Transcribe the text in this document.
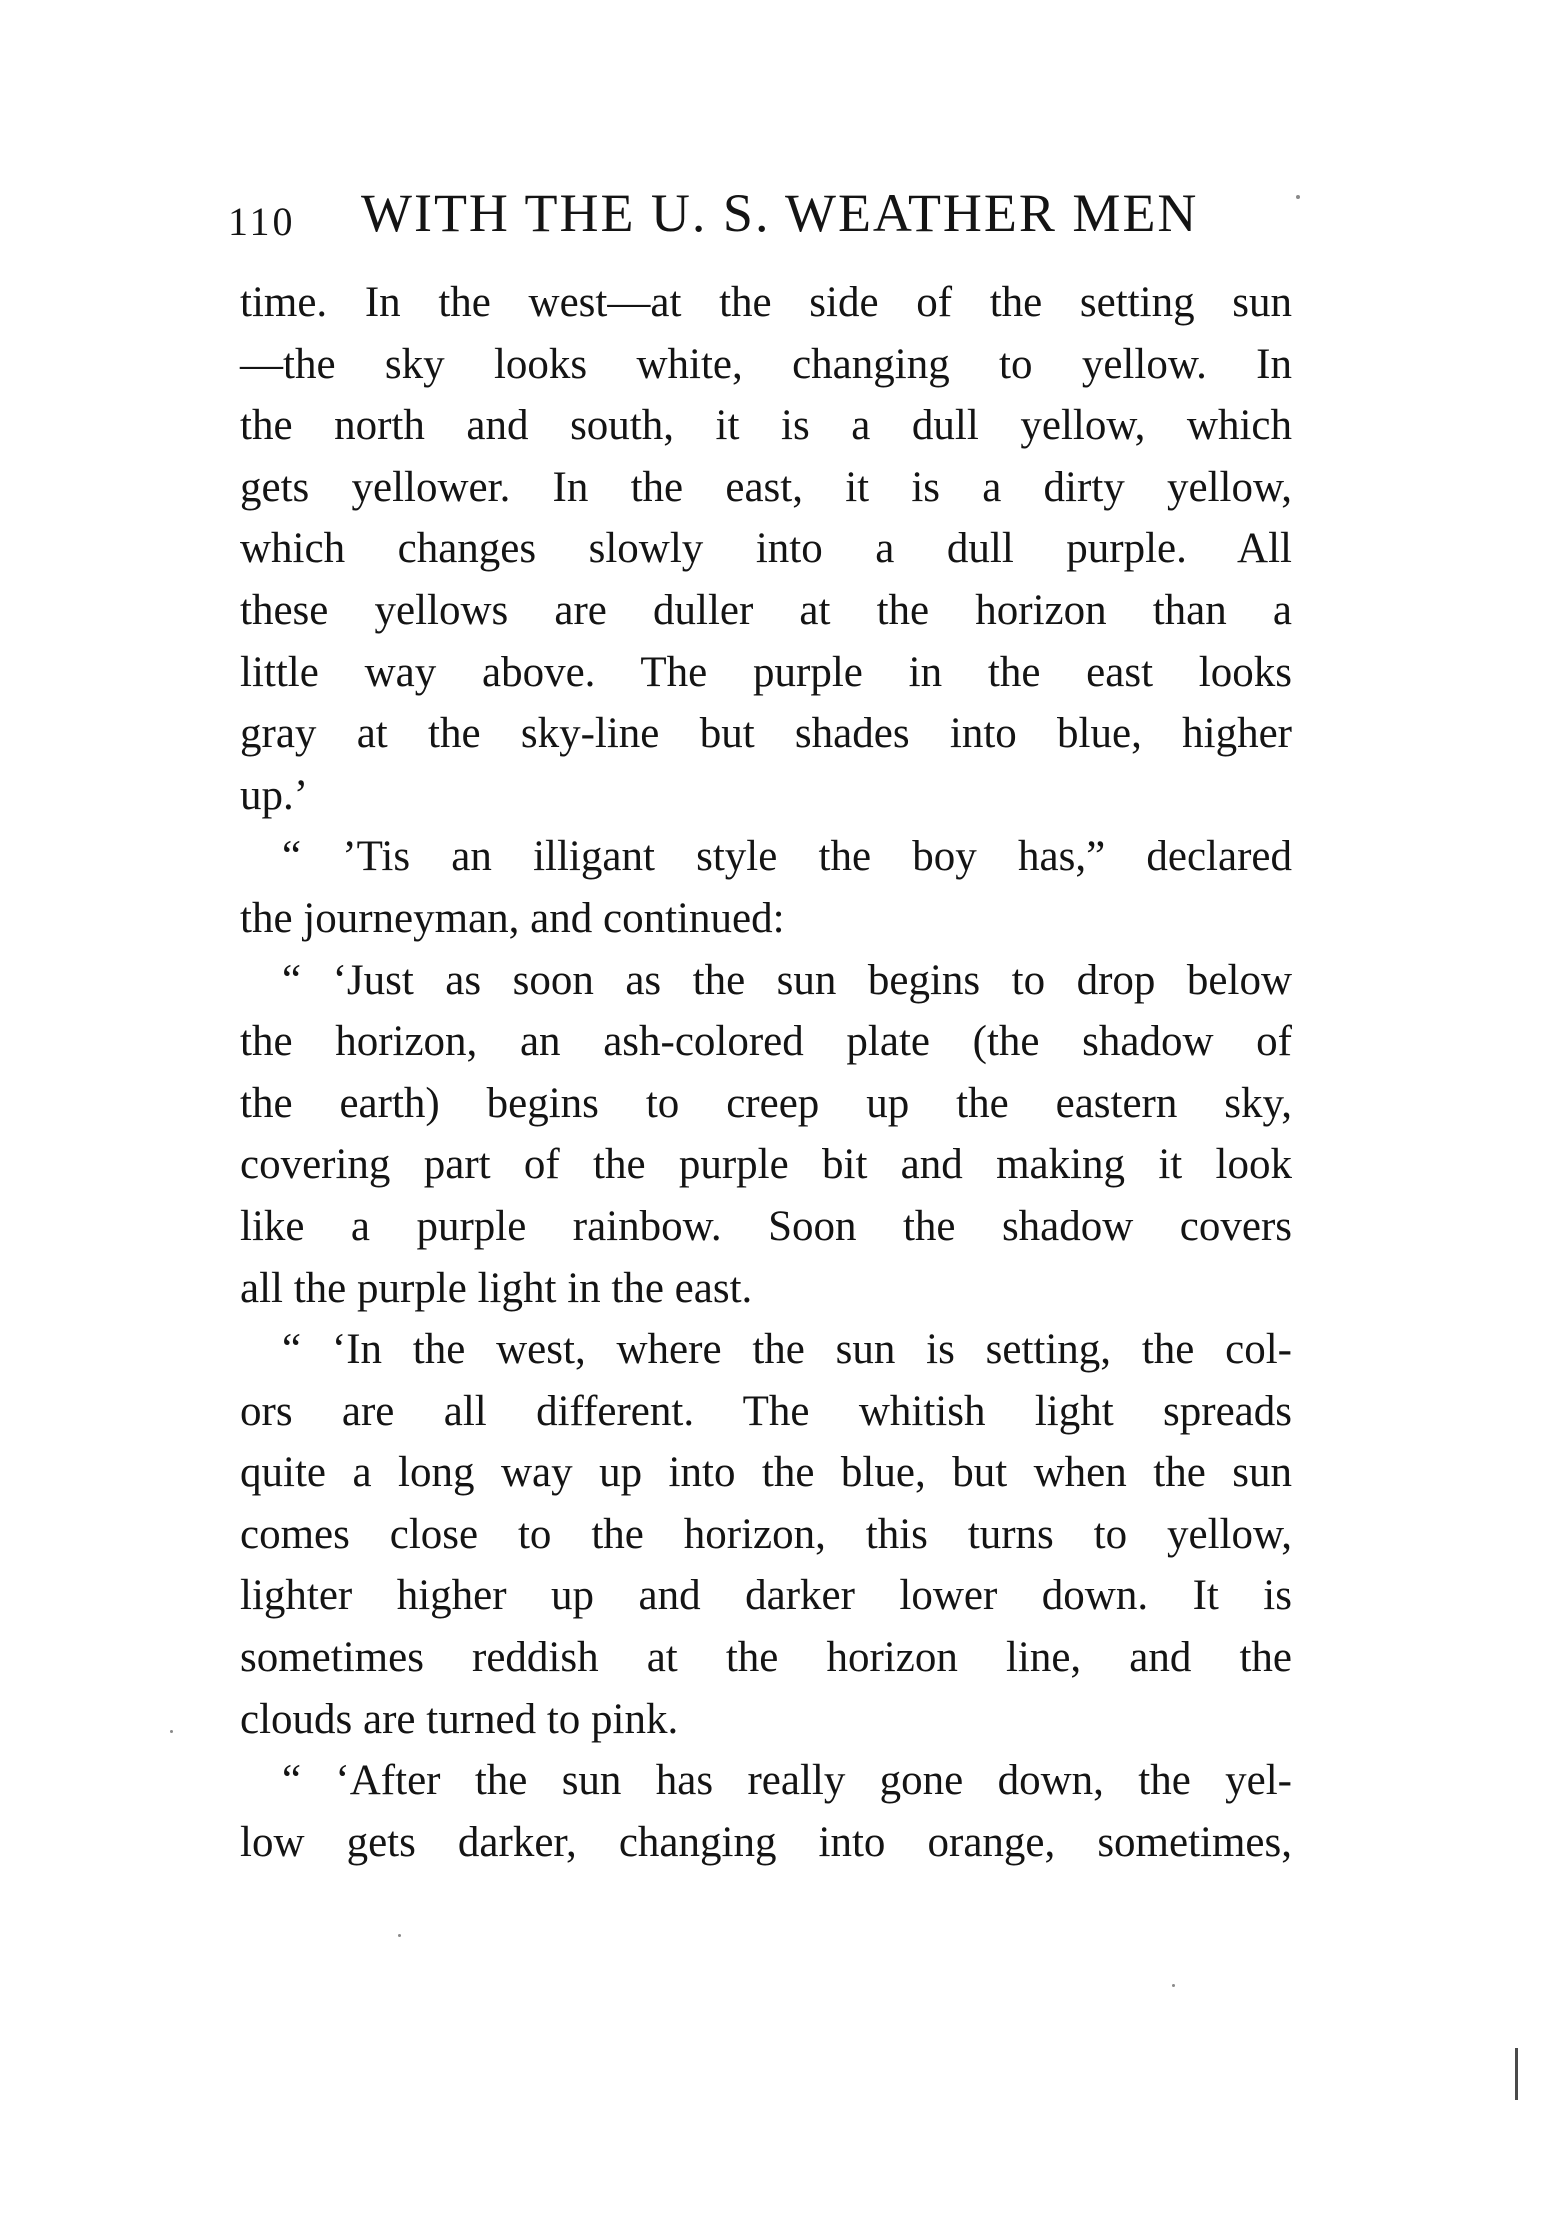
110 WITH THE U. S. WEATHER MEN
time. In the west—at the side of the setting sun
—the sky looks white, changing to yellow. In
the north and south, it is a dull yellow, which
gets yellower. In the east, it is a dirty yellow,
which changes slowly into a dull purple. All
these yellows are duller at the horizon than a
little way above. The purple in the east looks
gray at the sky-line but shades into blue, higher
up.’
“ ’Tis an illigant style the boy has,” declared
the journeyman, and continued:
“ ‘Just as soon as the sun begins to drop below
the horizon, an ash-colored plate (the shadow of
the earth) begins to creep up the eastern sky,
covering part of the purple bit and making it look
like a purple rainbow. Soon the shadow covers
all the purple light in the east.
“ ‘In the west, where the sun is setting, the col-
ors are all different. The whitish light spreads
quite a long way up into the blue, but when the sun
comes close to the horizon, this turns to yellow,
lighter higher up and darker lower down. It is
sometimes reddish at the horizon line, and the
clouds are turned to pink.
“ ‘After the sun has really gone down, the yel-
low gets darker, changing into orange, sometimes,
